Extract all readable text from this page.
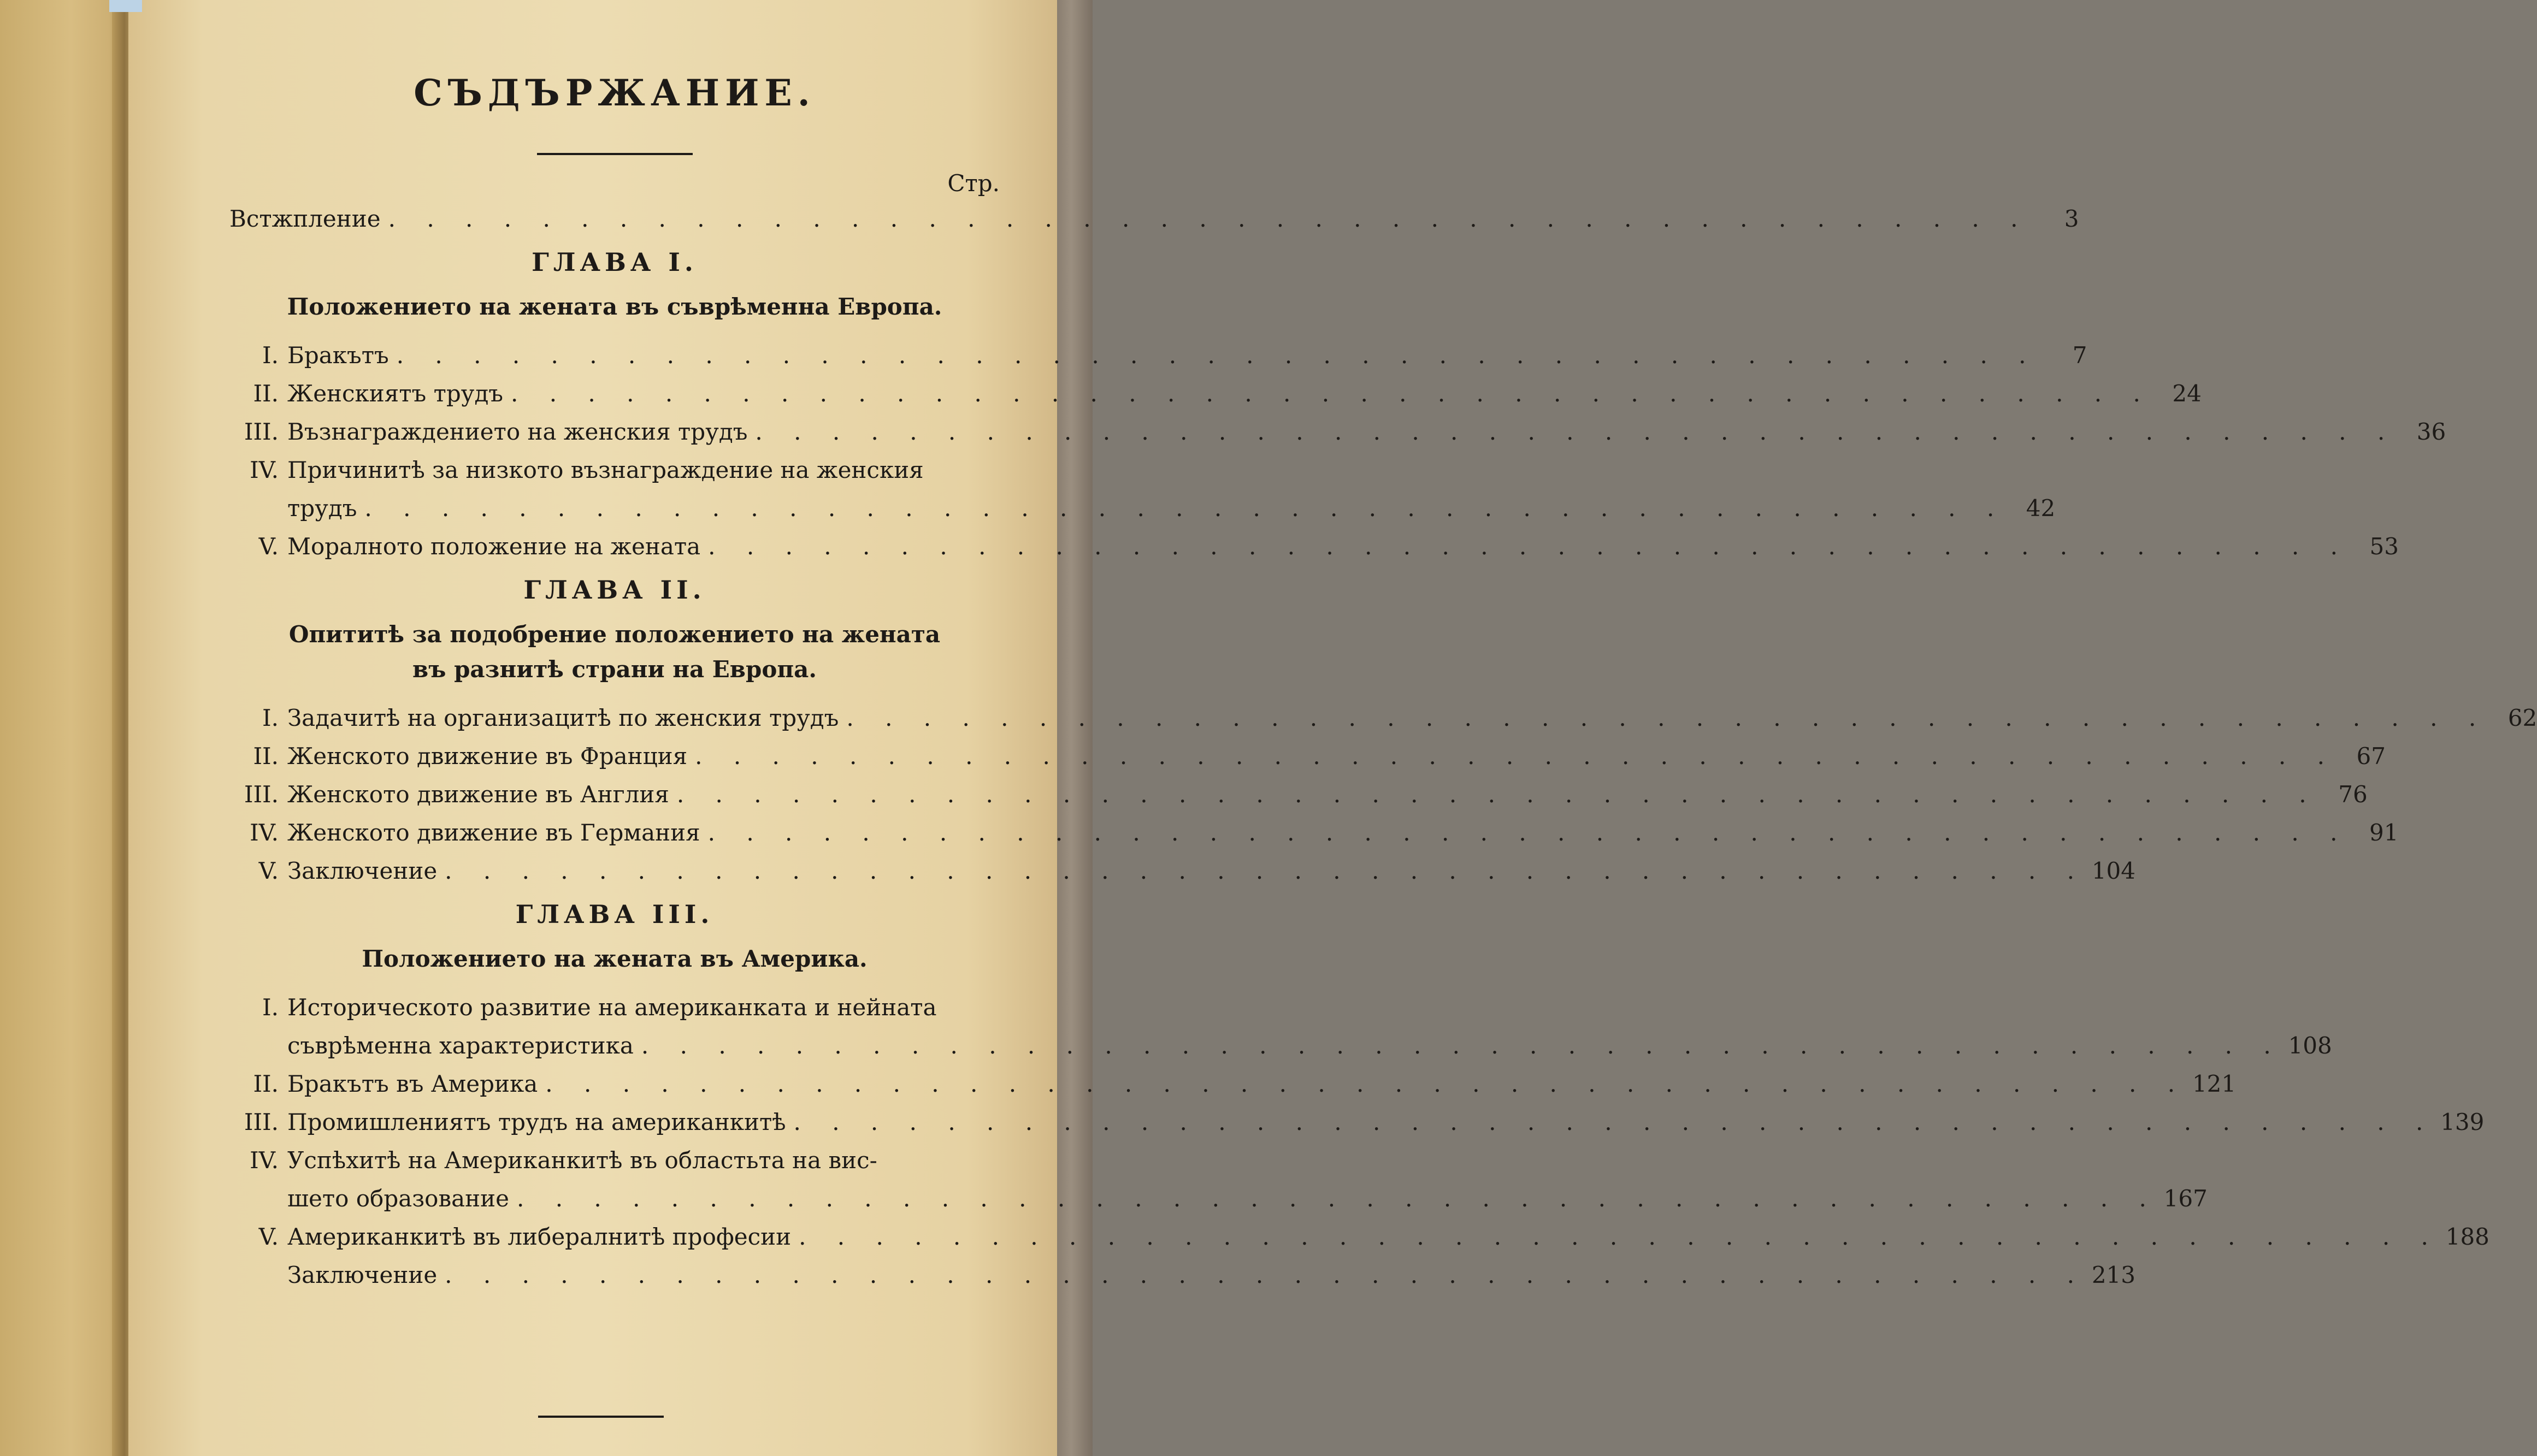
СЪДЪРЖАНИЕ.
Стр.
Встжпление . . . . . . . . . . . . . . . . . . . . . . . . . . . . . . . . . . . . . . . . . . .	3
ГЛАВА I.
Положението на жената въ съврѣменна Европа.
I. Бракътъ . . . . . . . . . . . . . . . . . . . . . . . . . . . . . . . . . . . . . . . . . . .	7
II. Женскиятъ трудъ . . . . . . . . . . . . . . . . . . . . . . . . . . . . . . . . . . . . . . . . . . . 24
III. Възнаграждението на женския трудъ . . . . . . . . . . . . . . . . . . . . . . . . . . . . . . . . . . . . . . . . . . . 36
IV. Причинитѣ за низкото възнаграждение на женския
трудъ . . . . . . . . . . . . . . . . . . . . . . . . . . . . . . . . . . . . . . . . . . . 42
V. Моралното положение на жената . . . . . . . . . . . . . . . . . . . . . . . . . . . . . . . . . . . . . . . . . . . 53
ГЛАВА II.
Опититѣ за подобрение положението на жената
въ разнитѣ страни на Европа.
I. Задачитѣ на организацитѣ по женския трудъ . . . . . . . . . . . . . . . . . . . . . . . . . . . . . . . . . . . . . . . . . . . 62
II. Женското движение въ Франция . . . . . . . . . . . . . . . . . . . . . . . . . . . . . . . . . . . . . . . . . . . 67
III. Женското движение въ Англия . . . . . . . . . . . . . . . . . . . . . . . . . . . . . . . . . . . . . . . . . . . 76
IV. Женското движение въ Германия . . . . . . . . . . . . . . . . . . . . . . . . . . . . . . . . . . . . . . . . . . . 91
V. Заключение . . . . . . . . . . . . . . . . . . . . . . . . . . . . . . . . . . . . . . . . . . . 104
ГЛАВА III.
Положението на жената въ Америка.
I. Историческото развитие на американката и нейната
съврѣменна характеристика . . . . . . . . . . . . . . . . . . . . . . . . . . . . . . . . . . . . . . . . . . . 108
II. Бракътъ въ Америка . . . . . . . . . . . . . . . . . . . . . . . . . . . . . . . . . . . . . . . . . . . 121
III. Промишлениятъ трудъ на американкитѣ . . . . . . . . . . . . . . . . . . . . . . . . . . . . . . . . . . . . . . . . . . . 139
IV. Успѣхитѣ на Американкитѣ въ областьта на вис-
шето образование . . . . . . . . . . . . . . . . . . . . . . . . . . . . . . . . . . . . . . . . . . . 167
V. Американкитѣ въ либералнитѣ професии . . . . . . . . . . . . . . . . . . . . . . . . . . . . . . . . . . . . . . . . . . . 188
Заключение . . . . . . . . . . . . . . . . . . . . . . . . . . . . . . . . . . . . . . . . . . . 213
